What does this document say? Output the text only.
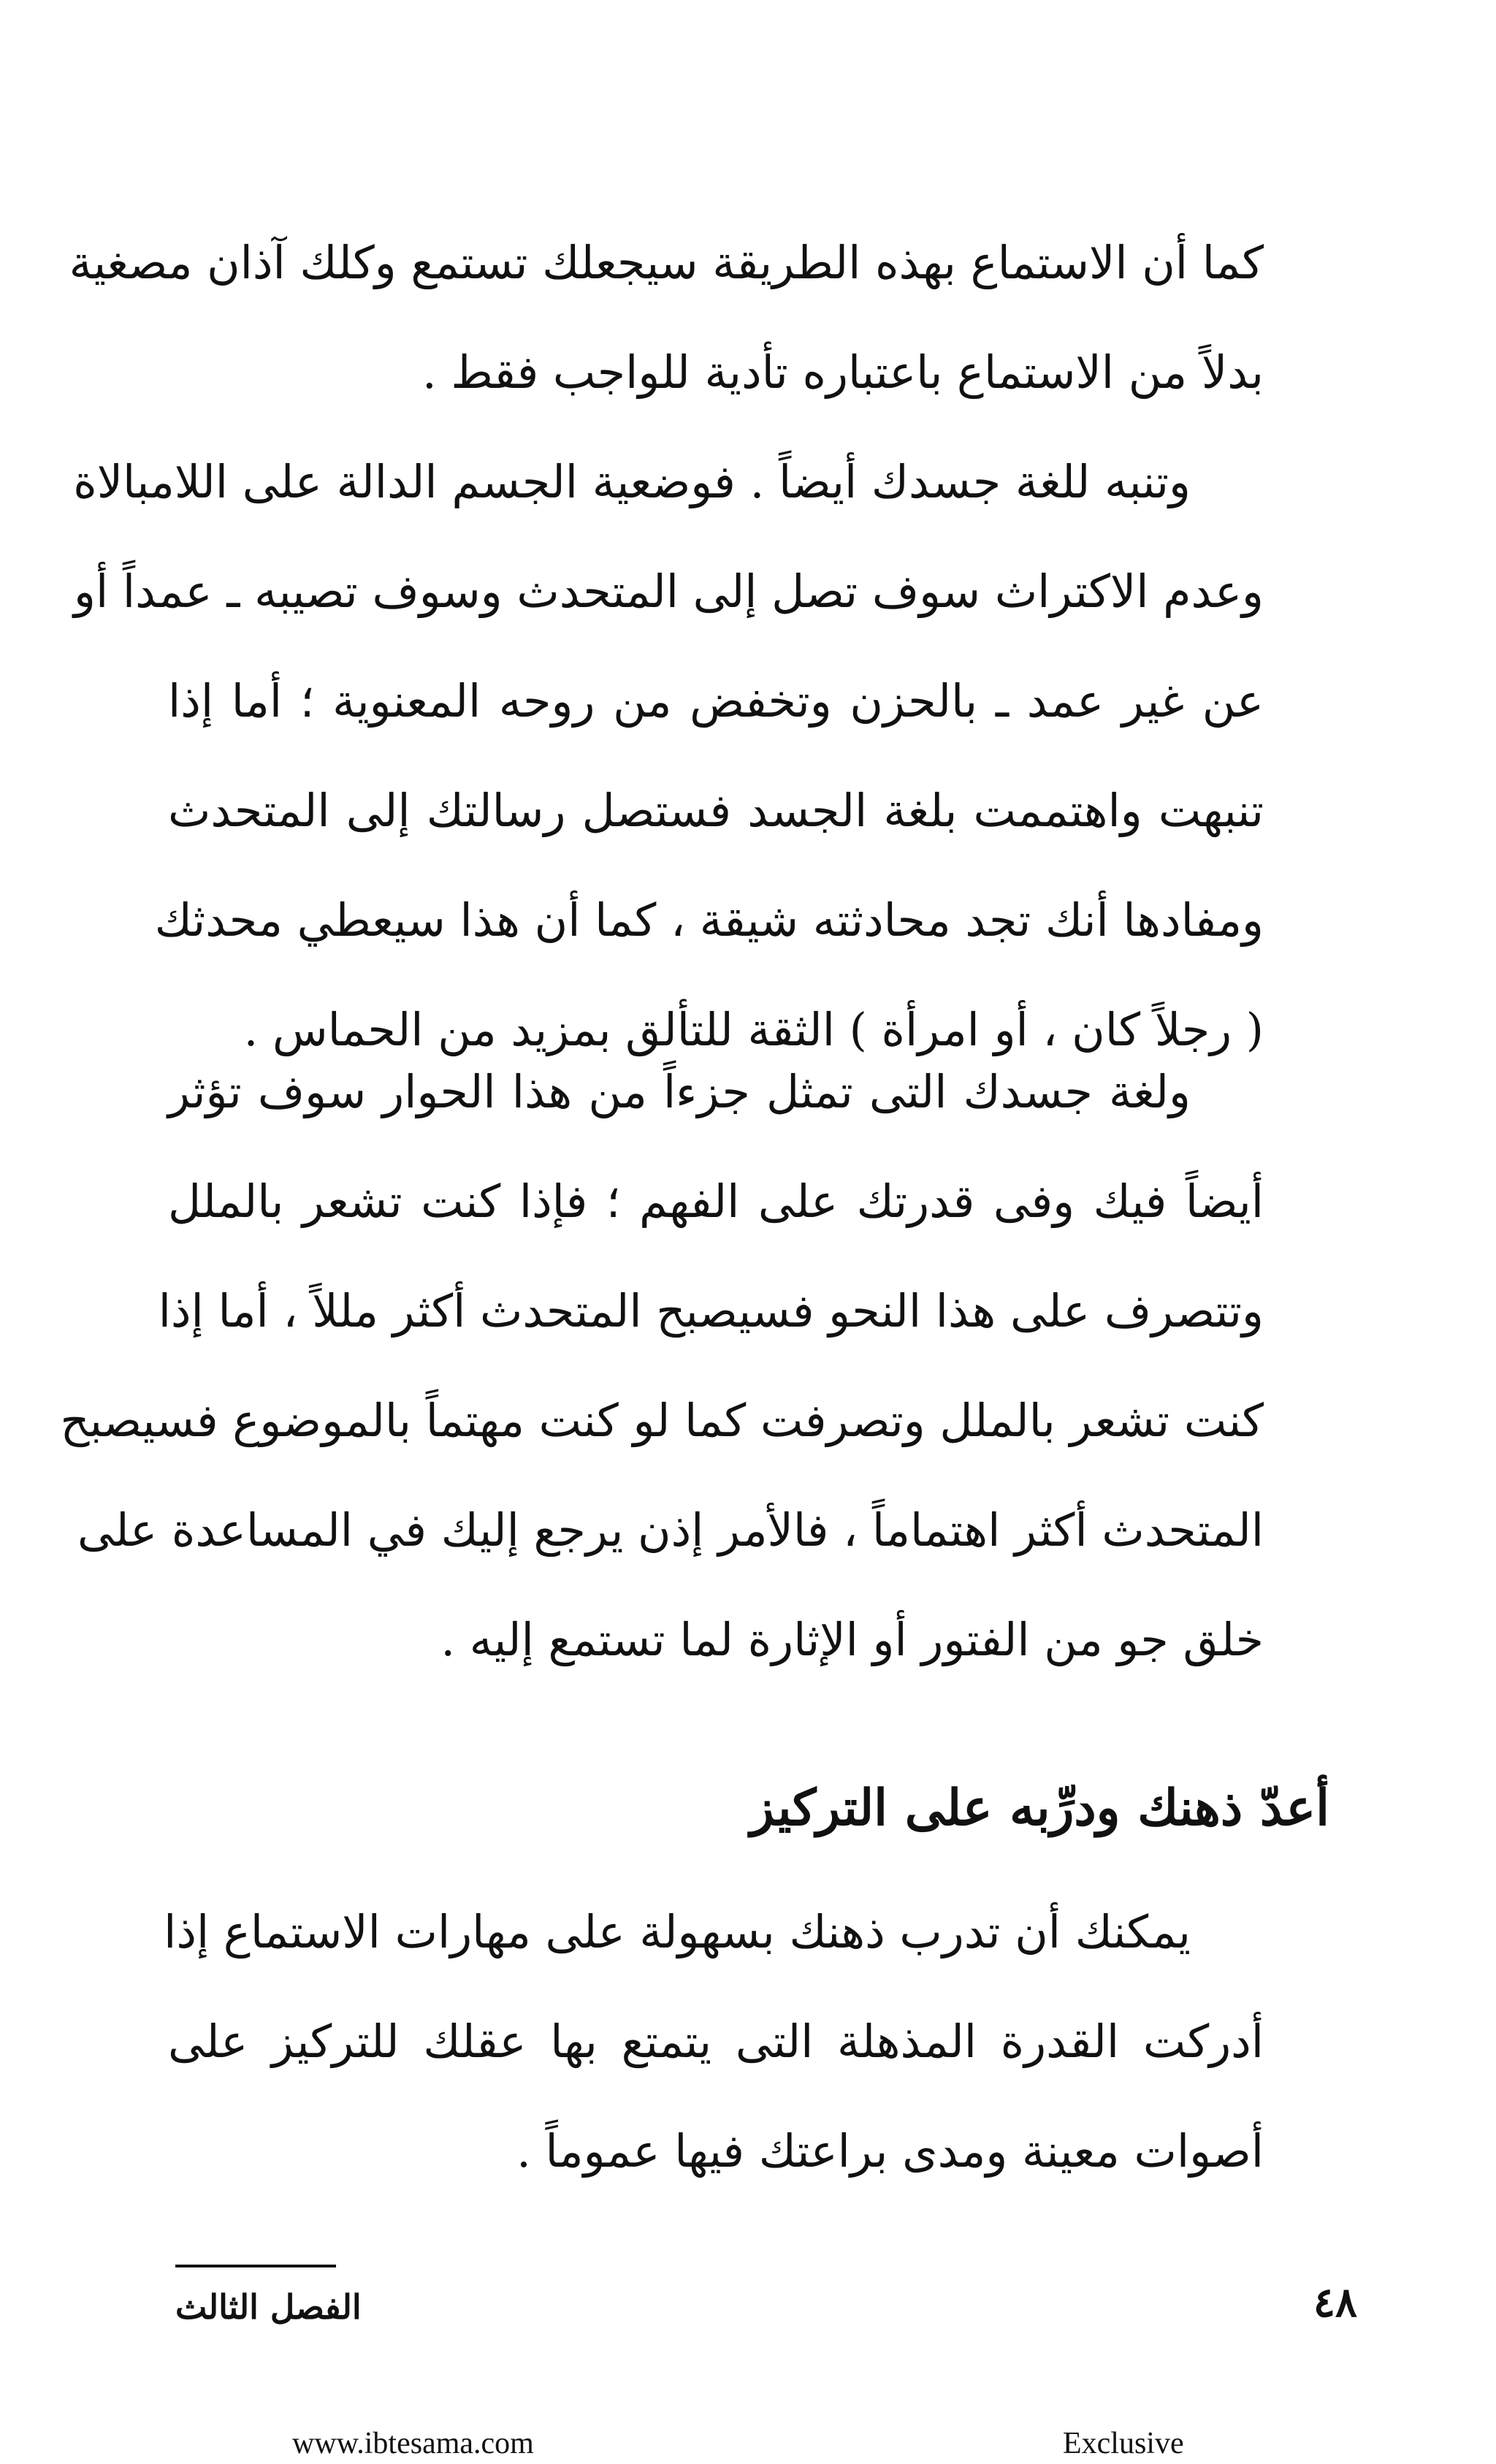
كما أن الاستماع بهذه الطريقة سيجعلك تستمع وكلك آذان مصغية
بدلاً من الاستماع باعتباره تأدية للواجب فقط .
وتنبه للغة جسدك أيضاً . فوضعية الجسم الدالة على اللامبالاة
وعدم الاكتراث سوف تصل إلى المتحدث وسوف تصيبه ـ عمداً أو
عن غير عمد ـ بالحزن وتخفض من روحه المعنوية ؛ أما إذا
تنبهت واهتممت بلغة الجسد فستصل رسالتك إلى المتحدث
ومفادها أنك تجد محادثته شيقة ، كما أن هذا سيعطي محدثك
( رجلاً كان ، أو امرأة ) الثقة للتألق بمزيد من الحماس .
ولغة جسدك التى تمثل جزءاً من هذا الحوار سوف تؤثر
أيضاً فيك وفى قدرتك على الفهم ؛ فإذا كنت تشعر بالملل
وتتصرف على هذا النحو فسيصبح المتحدث أكثر مللاً ، أما إذا
كنت تشعر بالملل وتصرفت كما لو كنت مهتماً بالموضوع فسيصبح
المتحدث أكثر اهتماماً ، فالأمر إذن يرجع إليك في المساعدة على
خلق جو من الفتور أو الإثارة لما تستمع إليه .
أعدّ ذهنك ودرِّبه على التركيز
يمكنك أن تدرب ذهنك بسهولة على مهارات الاستماع إذا
أدركت القدرة المذهلة التى يتمتع بها عقلك للتركيز على
أصوات معينة ومدى براعتك فيها عموماً .
الفصل الثالث	٤٨
www.ibtesama.com	Exclusive
